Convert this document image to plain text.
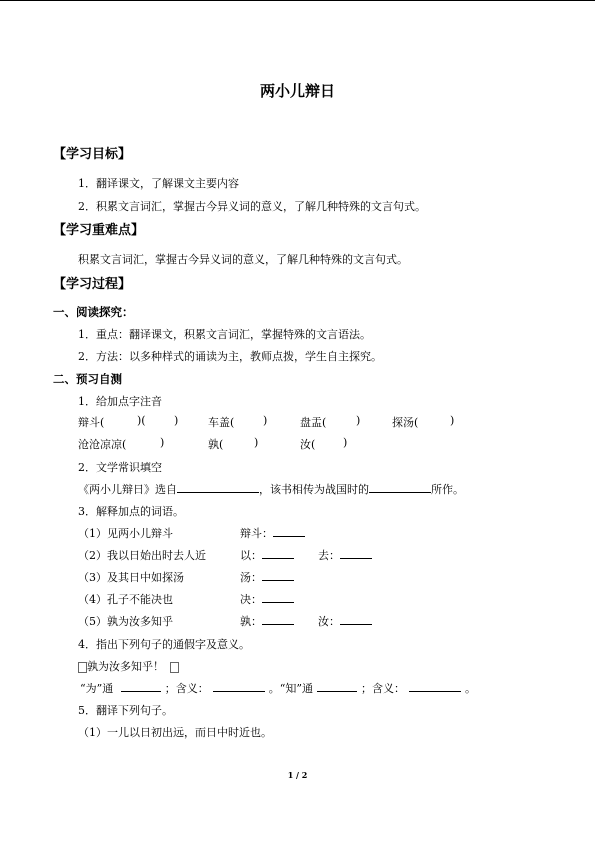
两小儿辩日
【学习目标】
1．翻译课文，了解课文主要内容
2．积累文言词汇，掌握古今异义词的意义，了解几种特殊的文言句式。
【学习重难点】
积累文言词汇，掌握古今异义词的意义，了解几种特殊的文言句式。
【学习过程】
一、阅读探究：
1．重点：翻译课文，积累文言词汇，掌握特殊的文言语法。
2．方法：以多种样式的诵读为主，教师点拨，学生自主探究。
二、预习自测
1．给加点字注音
辩斗(	)(	)	车盖(	)	盘盂(	)	探汤(	)
沧沧凉凉(	)	孰(	)	汝(	)
2．文学常识填空
《两小儿辩日》选自	，该书相传为战国时的	所作。
3．解释加点的词语。
（1）见两小儿辩斗	辩斗：
（2）我以日始出时去人近	以：	去：
（3）及其日中如探汤	汤：
（4）孔子不能决也	决：
（5）孰为汝多知乎	孰：	汝：
4．指出下列句子的通假字及意义。
孰为汝多知乎！
“为”通	；含义：	。“知”通	；含义：	。
5．翻译下列句子。
（1）一儿以日初出远，而日中时近也。
1 / 2
